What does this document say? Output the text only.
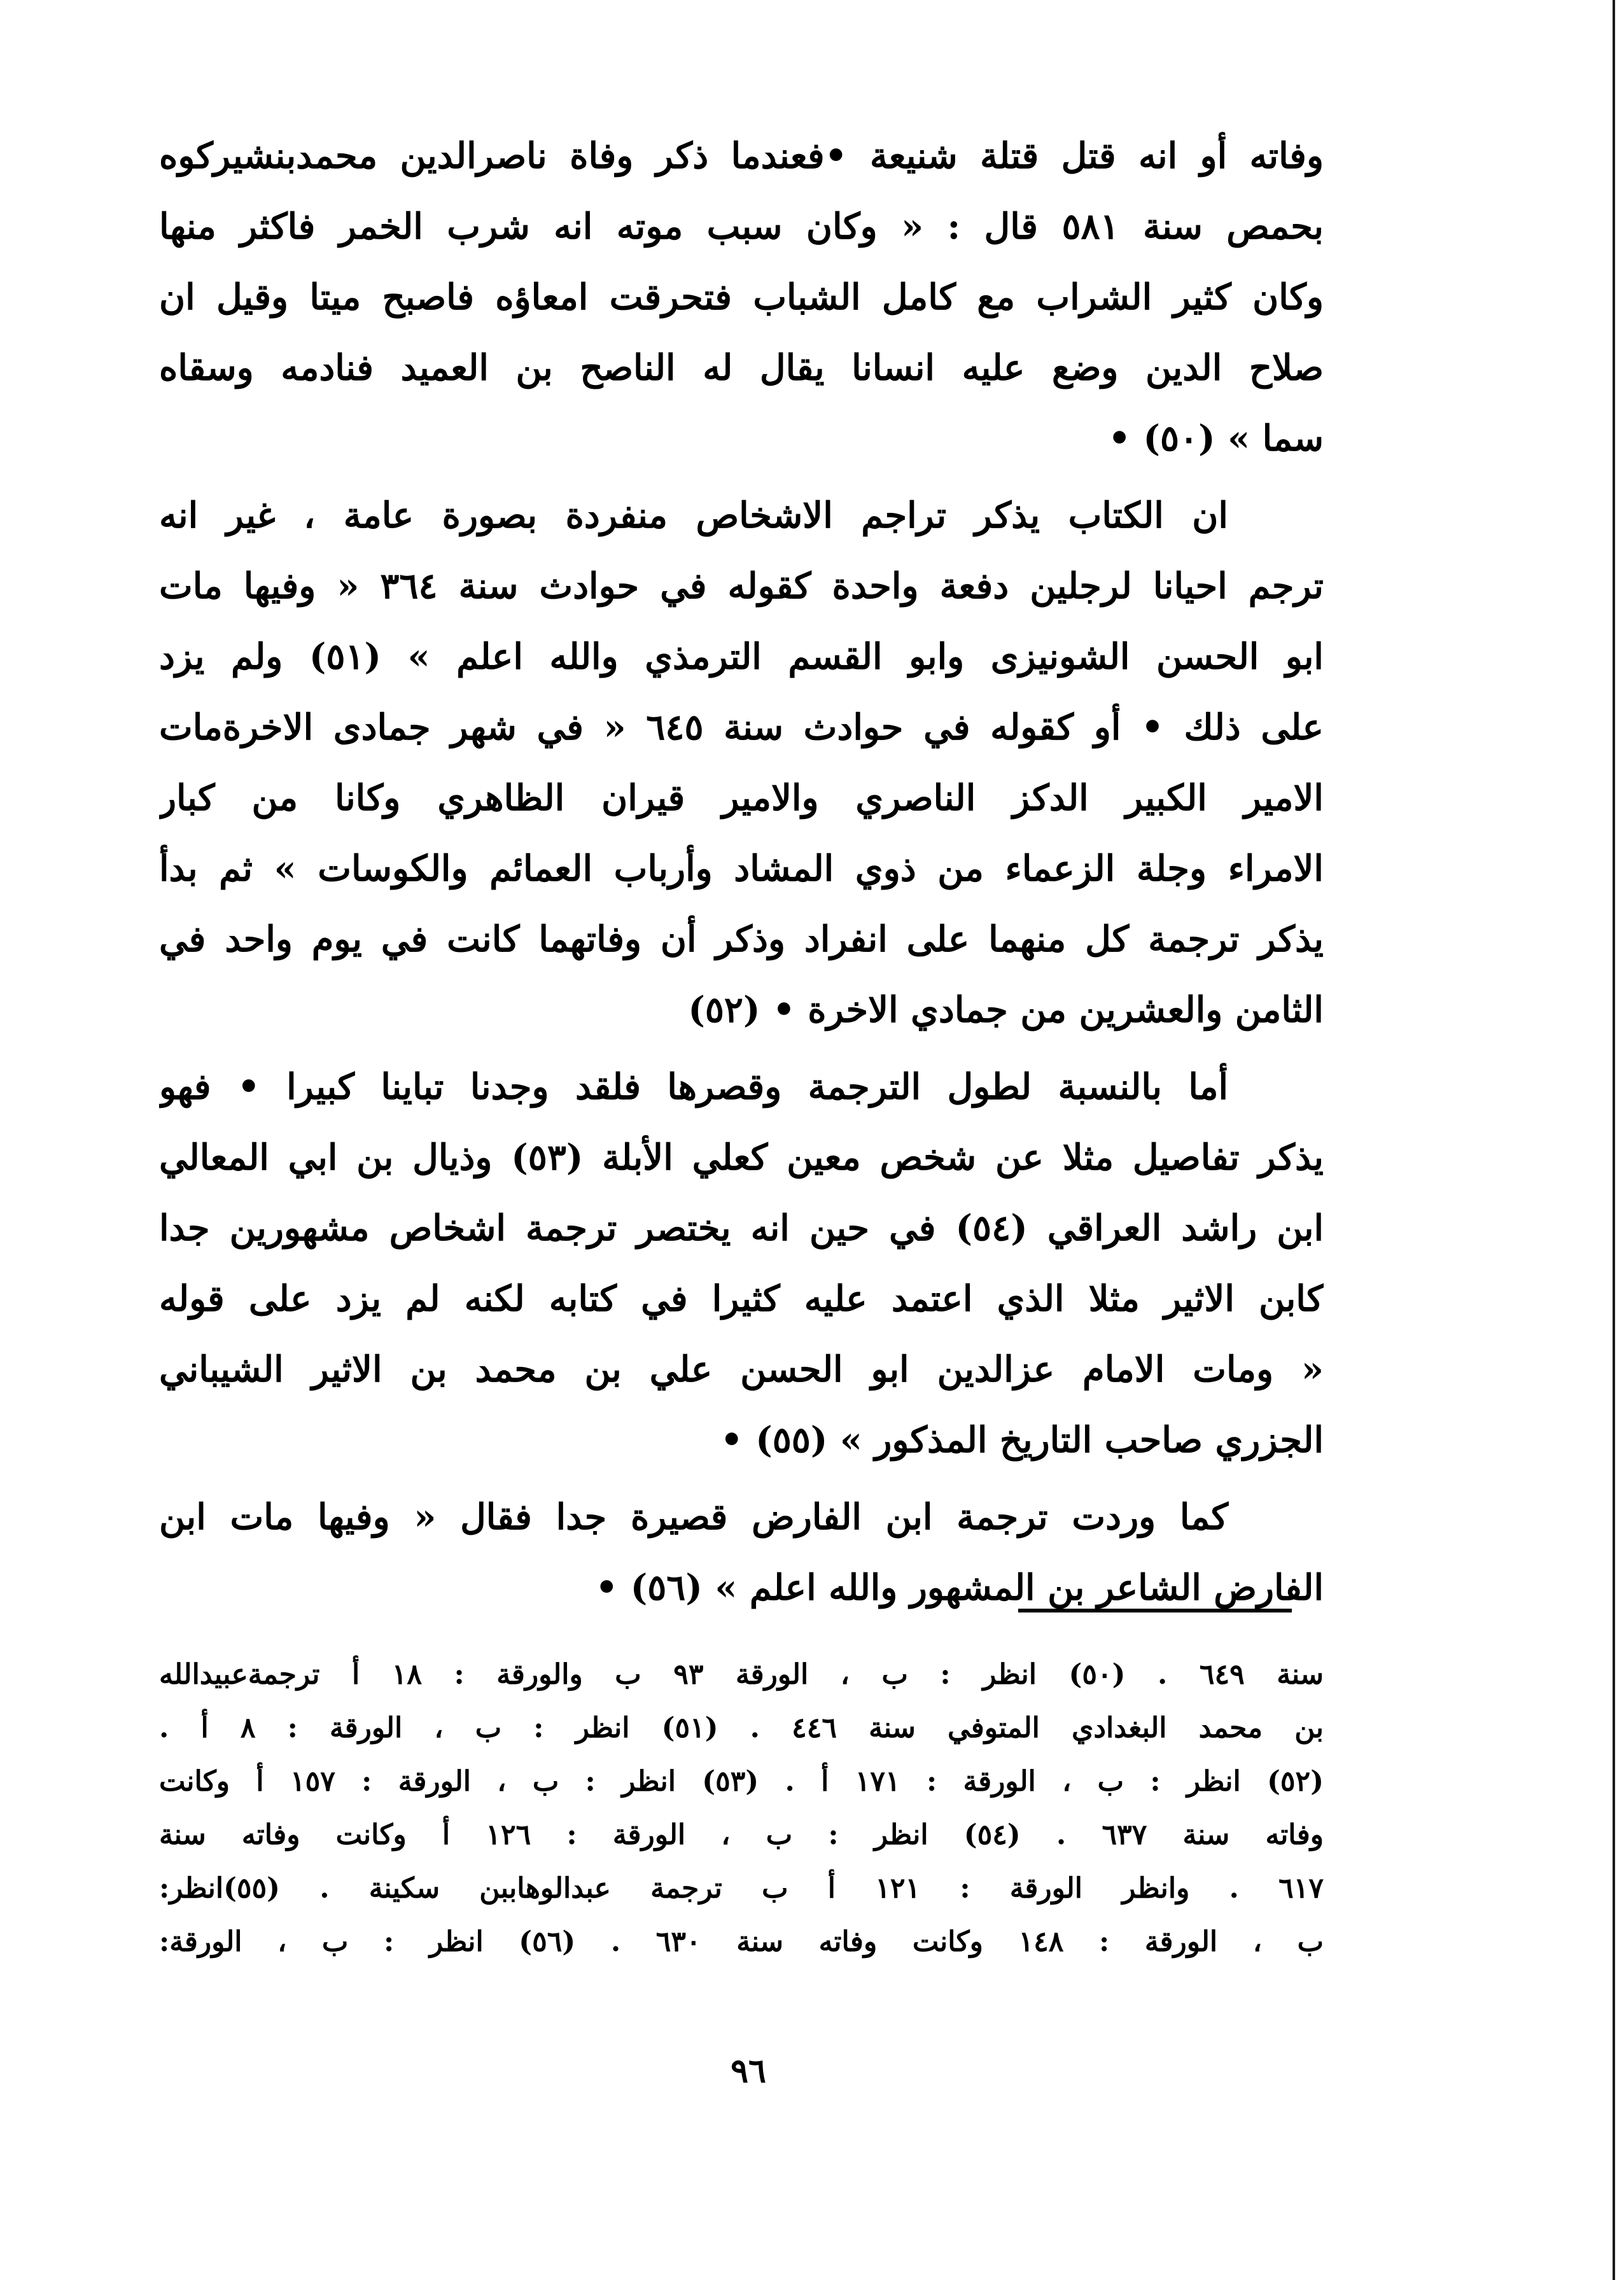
وفاته أو انه قتل قتلة شنيعة •فعندما ذكر وفاة ناصرالدين محمدبنشيركوه
بحمص سنة ٥٨١ قال : « وكان سبب موته انه شرب الخمر فاكثر منها
وكان كثير الشراب مع كامل الشباب فتحرقت امعاؤه فاصبح ميتا وقيل ان
صلاح الدين وضع عليه انسانا يقال له الناصح بن العميد فنادمه وسقاه
سما » (٥٠) •
ان الكتاب يذكر تراجم الاشخاص منفردة بصورة عامة ، غير انه
ترجم احيانا لرجلين دفعة واحدة كقوله في حوادث سنة ٣٦٤ « وفيها مات
ابو الحسن الشونيزى وابو القسم الترمذي والله اعلم » (٥١) ولم يزد
على ذلك • أو كقوله في حوادث سنة ٦٤٥ « في شهر جمادى الاخرةمات
الامير الكبير الدكز الناصري والامير قيران الظاهري وكانا من كبار
الامراء وجلة الزعماء من ذوي المشاد وأرباب العمائم والكوسات » ثم بدأ
يذكر ترجمة كل منهما على انفراد وذكر أن وفاتهما كانت في يوم واحد في
الثامن والعشرين من جمادي الاخرة • (٥٢)
أما بالنسبة لطول الترجمة وقصرها فلقد وجدنا تباينا كبيرا • فهو
يذكر تفاصيل مثلا عن شخص معين كعلي الأبلة (٥٣) وذيال بن ابي المعالي
ابن راشد العراقي (٥٤) في حين انه يختصر ترجمة اشخاص مشهورين جدا
كابن الاثير مثلا الذي اعتمد عليه كثيرا في كتابه لكنه لم يزد على قوله
« ومات الامام عزالدين ابو الحسن علي بن محمد بن الاثير الشيباني
الجزري صاحب التاريخ المذكور » (٥٥) •
كما وردت ترجمة ابن الفارض قصيرة جدا فقال « وفيها مات ابن
الفارض الشاعر بن المشهور والله اعلم » (٥٦) •
سنة ٦٤٩ . (٥٠) انظر : ب ، الورقة ٩٣ ب والورقة : ١٨ أ ترجمةعبيدالله
بن محمد البغدادي المتوفي سنة ٤٤٦ . (٥١) انظر : ب ، الورقة : ٨ أ .
(٥٢) انظر : ب ، الورقة : ١٧١ أ . (٥٣) انظر : ب ، الورقة : ١٥٧ أ وكانت
وفاته سنة ٦٣٧ . (٥٤) انظر : ب ، الورقة : ١٢٦ أ وكانت وفاته سنة
٦١٧ . وانظر الورقة : ١٢١ أ ب ترجمة عبدالوهاببن سكينة . (٥٥)انظر:
ب ، الورقة : ١٤٨ وكانت وفاته سنة ٦٣٠ . (٥٦) انظر : ب ، الورقة:
٩٦
